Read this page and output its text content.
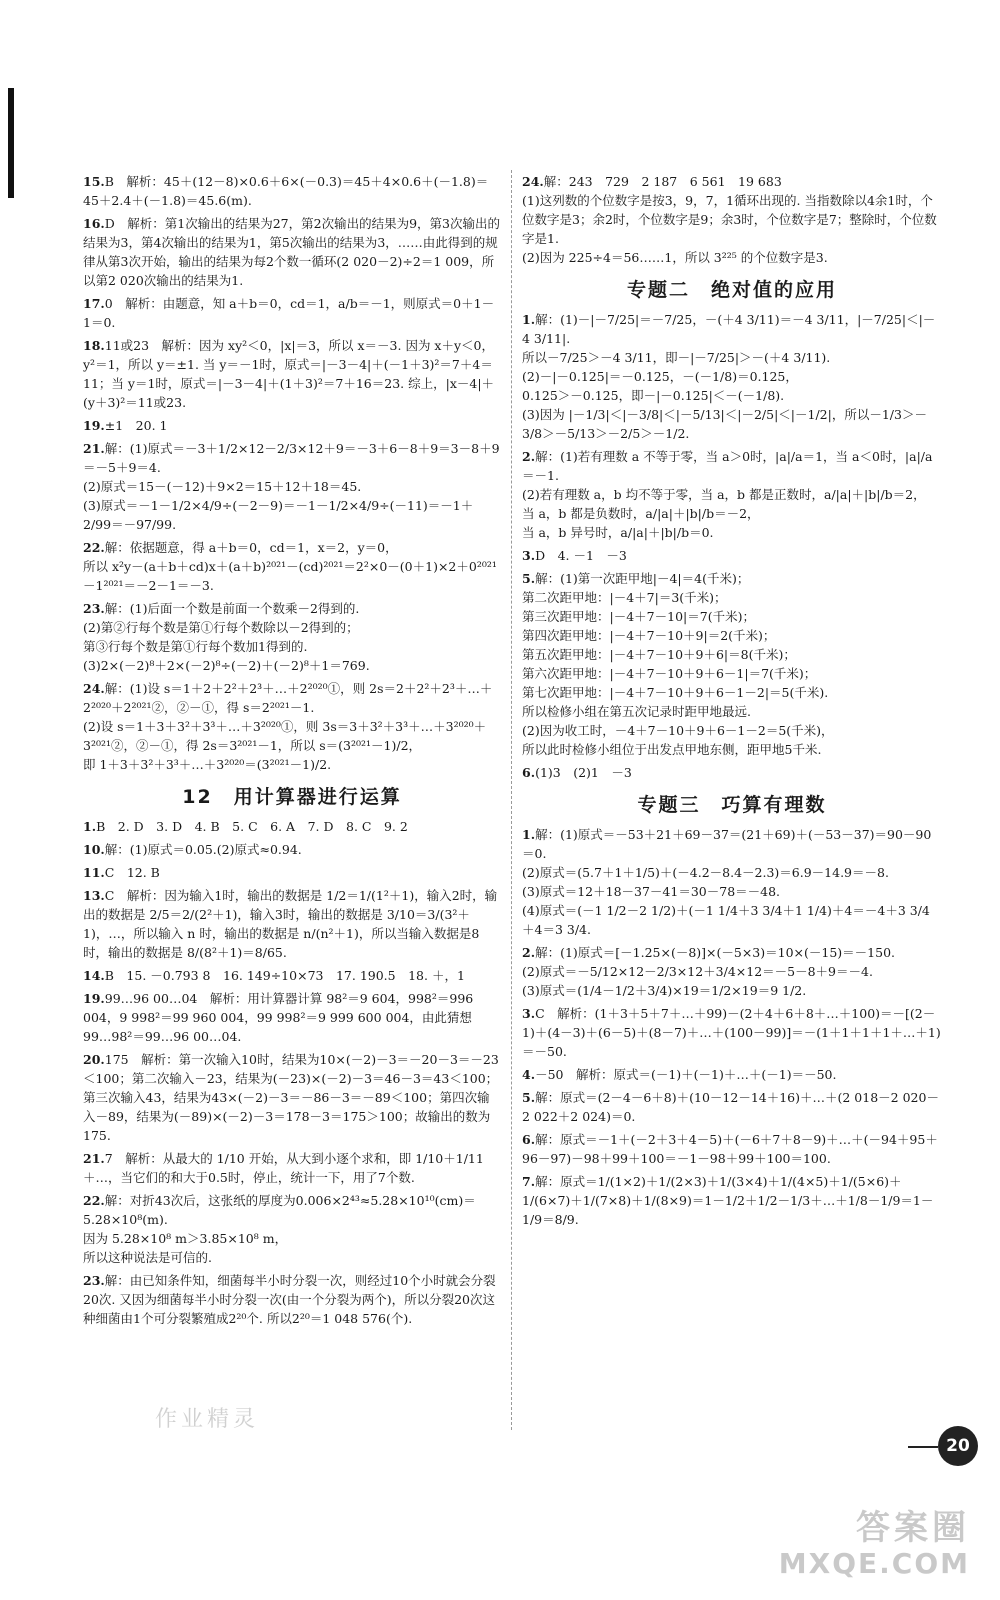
15.B　解析：45＋(12－8)×0.6＋6×(－0.3)＝45＋4×0.6＋(－1.8)＝45＋2.4＋(－1.8)＝45.6(m).
16.D　解析：第1次输出的结果为27，第2次输出的结果为9，第3次输出的结果为3，第4次输出的结果为1，第5次输出的结果为3，……由此得到的规律从第3次开始，输出的结果为每2个数一循环(2 020－2)÷2＝1 009，所以第2 020次输出的结果为1.
17.0　解析：由题意，知 a＋b＝0，cd＝1，a/b＝－1，则原式＝0＋1－1＝0.
18.11或23　解析：因为 xy²＜0，|x|＝3，所以 x＝－3. 因为 x＋y＜0，y²＝1，所以 y＝±1. 当 y＝－1时，原式＝|－3－4|＋(－1＋3)²＝7＋4＝11；当 y＝1时，原式＝|－3－4|＋(1＋3)²＝7＋16＝23. 综上，|x－4|＋(y＋3)²＝11或23.
19.±1　20. 1
21.解：(1)原式＝－3＋1/2×12－2/3×12＋9＝－3＋6－8＋9＝3－8＋9＝－5＋9＝4.
(2)原式＝15－(－12)＋9×2＝15＋12＋18＝45.
(3)原式＝－1－1/2×4/9÷(－2－9)＝－1－1/2×4/9÷(－11)＝－1＋2/99＝－97/99.
22.解：依据题意，得 a＋b＝0，cd＝1，x＝2，y＝0，
所以 x²y－(a＋b＋cd)x＋(a＋b)²⁰²¹－(cd)²⁰²¹＝2²×0－(0＋1)×2＋0²⁰²¹－1²⁰²¹＝－2－1＝－3.
23.解：(1)后面一个数是前面一个数乘－2得到的.
(2)第②行每个数是第①行每个数除以－2得到的；
第③行每个数是第①行每个数加1得到的.
(3)2×(－2)⁸＋2×(－2)⁸÷(－2)＋(－2)⁸＋1＝769.
24.解：(1)设 s＝1＋2＋2²＋2³＋…＋2²⁰²⁰①，则 2s＝2＋2²＋2³＋…＋2²⁰²⁰＋2²⁰²¹②，②－①，得 s＝2²⁰²¹－1.
(2)设 s＝1＋3＋3²＋3³＋…＋3²⁰²⁰①，则 3s＝3＋3²＋3³＋…＋3²⁰²⁰＋3²⁰²¹②，②－①，得 2s＝3²⁰²¹－1，所以 s＝(3²⁰²¹－1)/2，
即 1＋3＋3²＋3³＋…＋3²⁰²⁰＝(3²⁰²¹－1)/2.
12　用计算器进行运算
1.B　2. D　3. D　4. B　5. C　6. A　7. D　8. C　9. 2
10.解：(1)原式＝0.05.(2)原式≈0.94.
11.C　12. B
13.C　解析：因为输入1时，输出的数据是 1/2＝1/(1²＋1)，输入2时，输出的数据是 2/5＝2/(2²＋1)，输入3时，输出的数据是 3/10＝3/(3²＋1)，…，所以输入 n 时，输出的数据是 n/(n²＋1)，所以当输入数据是8时，输出的数据是 8/(8²＋1)＝8/65.
14.B　15. －0.793 8　16. 149÷10×73　17. 190.5　18. ＋，1
19.99…96 00…04　解析：用计算器计算 98²＝9 604，998²＝996 004，9 998²＝99 960 004，99 998²＝9 999 600 004，由此猜想 99…98²＝99…96 00…04.
20.175　解析：第一次输入10时，结果为10×(－2)－3＝－20－3＝－23＜100；第二次输入－23，结果为(－23)×(－2)－3＝46－3＝43＜100；第三次输入43，结果为43×(－2)－3＝－86－3＝－89＜100；第四次输入－89，结果为(－89)×(－2)－3＝178－3＝175＞100；故输出的数为175.
21.7　解析：从最大的 1/10 开始，从大到小逐个求和，即 1/10＋1/11＋…，当它们的和大于0.5时，停止，统计一下，用了7个数.
22.解：对折43次后，这张纸的厚度为0.006×2⁴³≈5.28×10¹⁰(cm)＝5.28×10⁸(m).
因为 5.28×10⁸ m＞3.85×10⁸ m，
所以这种说法是可信的.
23.解：由已知条件知，细菌每半小时分裂一次，则经过10个小时就会分裂20次. 又因为细菌每半小时分裂一次(由一个分裂为两个)，所以分裂20次这种细菌由1个可分裂繁殖成2²⁰个. 所以2²⁰＝1 048 576(个).
24.解：243　729　2 187　6 561　19 683
(1)这列数的个位数字是按3，9，7，1循环出现的. 当指数除以4余1时，个位数字是3；余2时，个位数字是9；余3时，个位数字是7；整除时，个位数字是1.
(2)因为 225÷4＝56……1，所以 3²²⁵ 的个位数字是3.
专题二　绝对值的应用
1.解：(1)－|－7/25|＝－7/25，－(＋4 3/11)＝－4 3/11，|－7/25|＜|－4 3/11|.
所以－7/25＞－4 3/11，即－|－7/25|＞－(＋4 3/11).
(2)－|－0.125|＝－0.125，－(－1/8)＝0.125，
0.125＞－0.125，即－|－0.125|＜－(－1/8).
(3)因为 |－1/3|＜|－3/8|＜|－5/13|＜|－2/5|＜|－1/2|，所以－1/3＞－3/8＞－5/13＞－2/5＞－1/2.
2.解：(1)若有理数 a 不等于零，当 a＞0时，|a|/a＝1，当 a＜0时，|a|/a＝－1.
(2)若有理数 a，b 均不等于零，当 a，b 都是正数时，a/|a|＋|b|/b＝2，
当 a，b 都是负数时，a/|a|＋|b|/b＝－2，
当 a，b 异号时，a/|a|＋|b|/b＝0.
3.D　4. －1　－3
5.解：(1)第一次距甲地|－4|＝4(千米)；
第二次距甲地：|－4＋7|＝3(千米)；
第三次距甲地：|－4＋7－10|＝7(千米)；
第四次距甲地：|－4＋7－10＋9|＝2(千米)；
第五次距甲地：|－4＋7－10＋9＋6|＝8(千米)；
第六次距甲地：|－4＋7－10＋9＋6－1|＝7(千米)；
第七次距甲地：|－4＋7－10＋9＋6－1－2|＝5(千米).
所以检修小组在第五次记录时距甲地最远.
(2)因为收工时，－4＋7－10＋9＋6－1－2＝5(千米)，
所以此时检修小组位于出发点甲地东侧，距甲地5千米.
6.(1)3　(2)1　－3
专题三　巧算有理数
1.解：(1)原式＝－53＋21＋69－37＝(21＋69)＋(－53－37)＝90－90＝0.
(2)原式＝(5.7＋1＋1/5)＋(－4.2－8.4－2.3)＝6.9－14.9＝－8.
(3)原式＝12＋18－37－41＝30－78＝－48.
(4)原式＝(－1 1/2－2 1/2)＋(－1 1/4＋3 3/4＋1 1/4)＋4＝－4＋3 3/4＋4＝3 3/4.
2.解：(1)原式＝[－1.25×(－8)]×(－5×3)＝10×(－15)＝－150.
(2)原式＝－5/12×12－2/3×12＋3/4×12＝－5－8＋9＝－4.
(3)原式＝(1/4－1/2＋3/4)×19＝1/2×19＝9 1/2.
3.C　解析：(1＋3＋5＋7＋…＋99)－(2＋4＋6＋8＋…＋100)＝－[(2－1)＋(4－3)＋(6－5)＋(8－7)＋…＋(100－99)]＝－(1＋1＋1＋1＋…＋1)＝－50.
4.－50　解析：原式＝(－1)＋(－1)＋…＋(－1)＝－50.
5.解：原式＝(2－4－6＋8)＋(10－12－14＋16)＋…＋(2 018－2 020－2 022＋2 024)＝0.
6.解：原式＝－1＋(－2＋3＋4－5)＋(－6＋7＋8－9)＋…＋(－94＋95＋96－97)－98＋99＋100＝－1－98＋99＋100＝100.
7.解：原式＝1/(1×2)＋1/(2×3)＋1/(3×4)＋1/(4×5)＋1/(5×6)＋1/(6×7)＋1/(7×8)＋1/(8×9)＝1－1/2＋1/2－1/3＋…＋1/8－1/9＝1－1/9＝8/9.
作业精灵
20
答案圈
MXQE.COM
